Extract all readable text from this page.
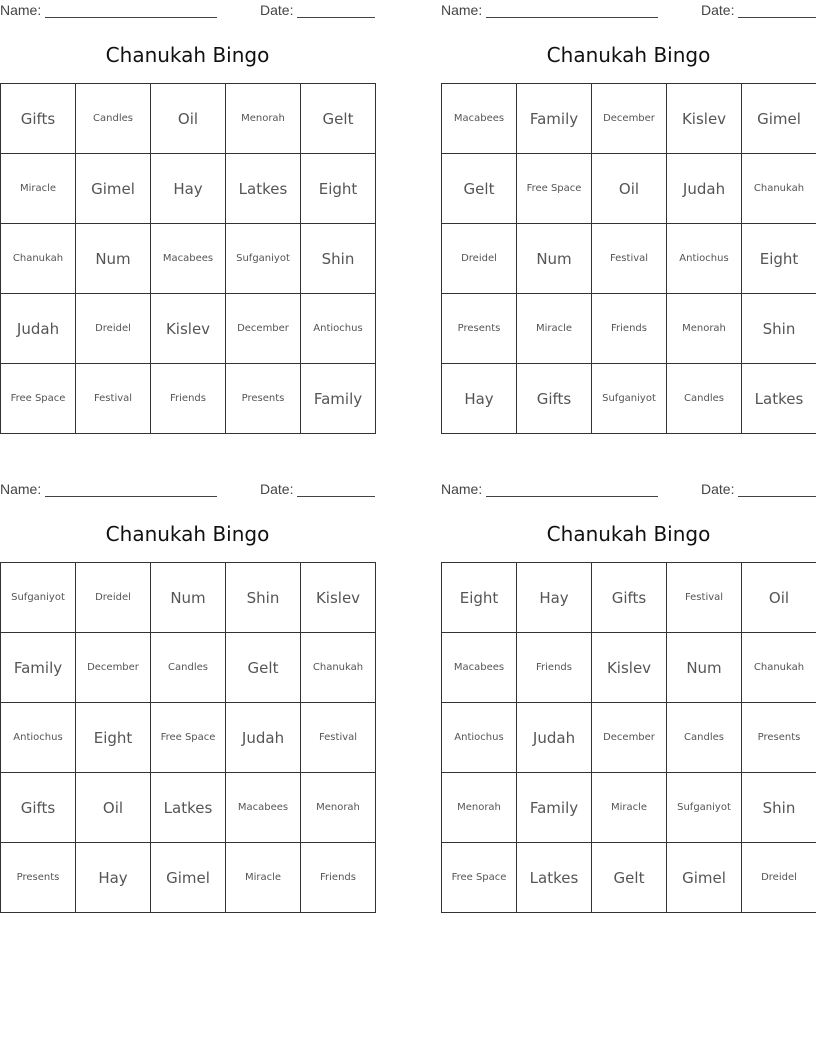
Name:	Date:
Chanukah Bingo
Gifts	Candles	Oil	Menorah	Gelt
Miracle	Gimel	Hay	Latkes	Eight
Chanukah	Num	Macabees	Sufganiyot	Shin
Judah	Dreidel	Kislev	December	Antiochus
Free Space	Festival	Friends	Presents	Family
Name:	Date:
Chanukah Bingo
Macabees	Family	December	Kislev	Gimel
Gelt	Free Space	Oil	Judah	Chanukah
Dreidel	Num	Festival	Antiochus	Eight
Presents	Miracle	Friends	Menorah	Shin
Hay	Gifts	Sufganiyot	Candles	Latkes
Name:	Date:
Chanukah Bingo
Sufganiyot	Dreidel	Num	Shin	Kislev
Family	December	Candles	Gelt	Chanukah
Antiochus	Eight	Free Space	Judah	Festival
Gifts	Oil	Latkes	Macabees	Menorah
Presents	Hay	Gimel	Miracle	Friends
Name:	Date:
Chanukah Bingo
Eight	Hay	Gifts	Festival	Oil
Macabees	Friends	Kislev	Num	Chanukah
Antiochus	Judah	December	Candles	Presents
Menorah	Family	Miracle	Sufganiyot	Shin
Free Space	Latkes	Gelt	Gimel	Dreidel
